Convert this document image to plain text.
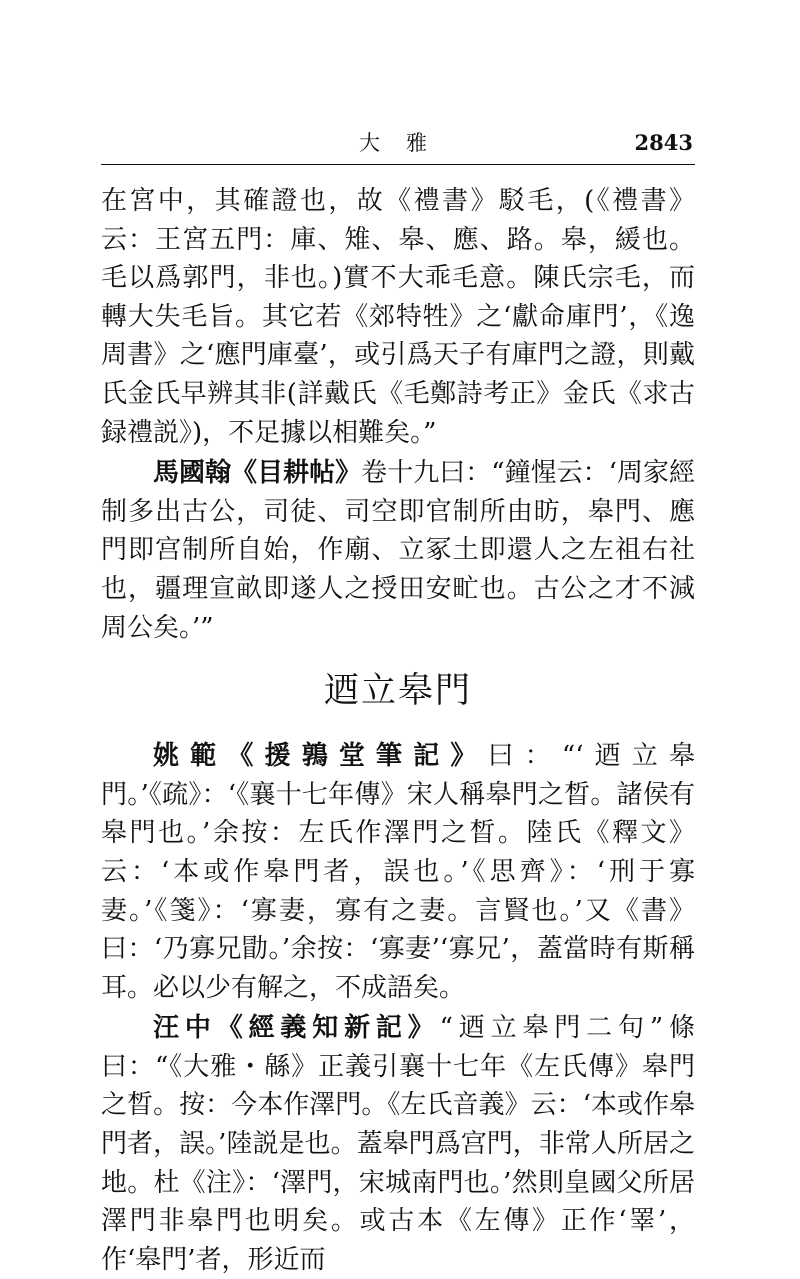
大雅	2843

在宮中，其確證也，故《禮書》駁毛，(《禮書》云：王宮五門：庫、雉、皋、應、路。皋，緩也。毛以爲郭門，非也。)實不大乖毛意。陳氏宗毛，而轉大失毛旨。其它若《郊特牲》之‘獻命庫門’，《逸周書》之‘應門庫臺’，或引爲天子有庫門之證，則戴氏金氏早辨其非(詳戴氏《毛鄭詩考正》金氏《求古録禮説》)，不足據以相難矣。”

馬國翰《目耕帖》卷十九曰：“鐘惺云：‘周家經制多出古公，司徒、司空即官制所由昉，皋門、應門即宫制所自始，作廟、立冢土即還人之左祖右社也，疆理宣畝即遂人之授田安甿也。古公之才不減周公矣。’”

迺立皋門

姚範《援鶉堂筆記》曰：“‘迺立皋門。’《疏》：‘《襄十七年傳》宋人稱皋門之晳。諸侯有皋門也。’余按：左氏作澤門之晳。陸氏《釋文》云：‘本或作皋門者，誤也。’《思齊》：‘刑于寡妻。’《箋》：‘寡妻，寡有之妻。言賢也。’又《書》曰：‘乃寡兄勖。’余按：‘寡妻’‘寡兄’，蓋當時有斯稱耳。必以少有解之，不成語矣。

汪中《經義知新記》“迺立皋門二句”條曰：“《大雅・緜》正義引襄十七年《左氏傳》皋門之晳。按：今本作澤門。《左氏音義》云：‘本或作皋門者，誤。’陸説是也。蓋皋門爲宫門，非常人所居之地。杜《注》：‘澤門，宋城南門也。’然則皇國父所居澤門非皋門也明矣。或古本《左傳》正作‘睪’，作‘皋門’者，形近而
